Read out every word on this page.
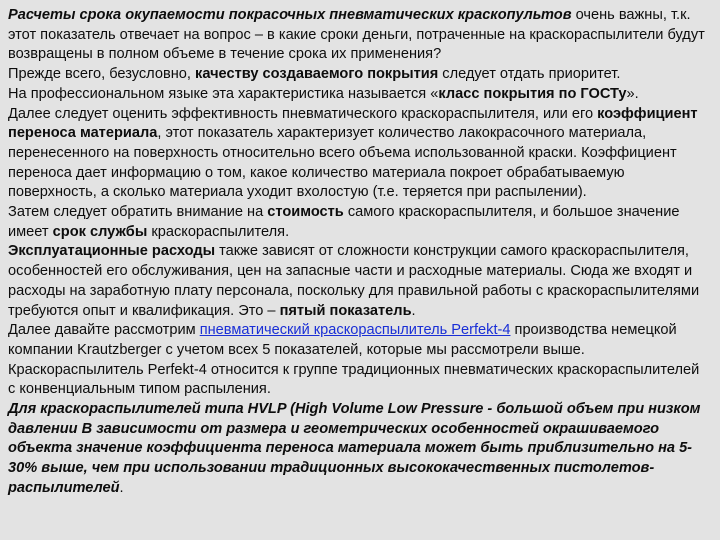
Расчеты срока окупаемости покрасочных пневматических краскопультов очень важны, т.к. этот показатель отвечает на вопрос – в какие сроки деньги, потраченные на краскораспылители будут возвращены в полном объеме в течение срока их применения?

Прежде всего, безусловно, качеству создаваемого покрытия следует отдать приоритет.

На профессиональном языке эта характеристика называется «класс покрытия по ГОСТу».

Далее следует оценить эффективность пневматического краскораспылителя, или его коэффициент переноса материала, этот показатель характеризует количество лакокрасочного материала, перенесенного на поверхность относительно всего объема использованной краски. Коэффициент переноса дает информацию о том, какое количество материала покроет обрабатываемую поверхность, а сколько материала уходит вхолостую (т.е. теряется при распылении).

Затем следует обратить внимание на стоимость самого краскораспылителя, и большое значение имеет срок службы краскораспылителя.

Эксплуатационные расходы также зависят от сложности конструкции самого краскораспылителя, особенностей его обслуживания, цен на запасные части и расходные материалы. Сюда же входят и расходы на заработную плату персонала, поскольку для правильной работы с краскораспылителями требуются опыт и квалификация. Это – пятый показатель.

Далее давайте рассмотрим пневматический краскораспылитель Perfekt-4 производства немецкой компании Krautzberger с учетом всех 5 показателей, которые мы рассмотрели выше. Краскораспылитель Perfekt-4 относится к группе традиционных пневматических краскораспылителей с конвенциальным типом распыления.

Для краскораспылителей типа HVLP (High Volume Low Pressure - большой объем при низком давлении В зависимости от размера и геометрических особенностей окрашиваемого объекта значение коэффициента переноса материала может быть приблизительно на 5-30% выше, чем при использовании традиционных высококачественных пистолетов-распылителей.
